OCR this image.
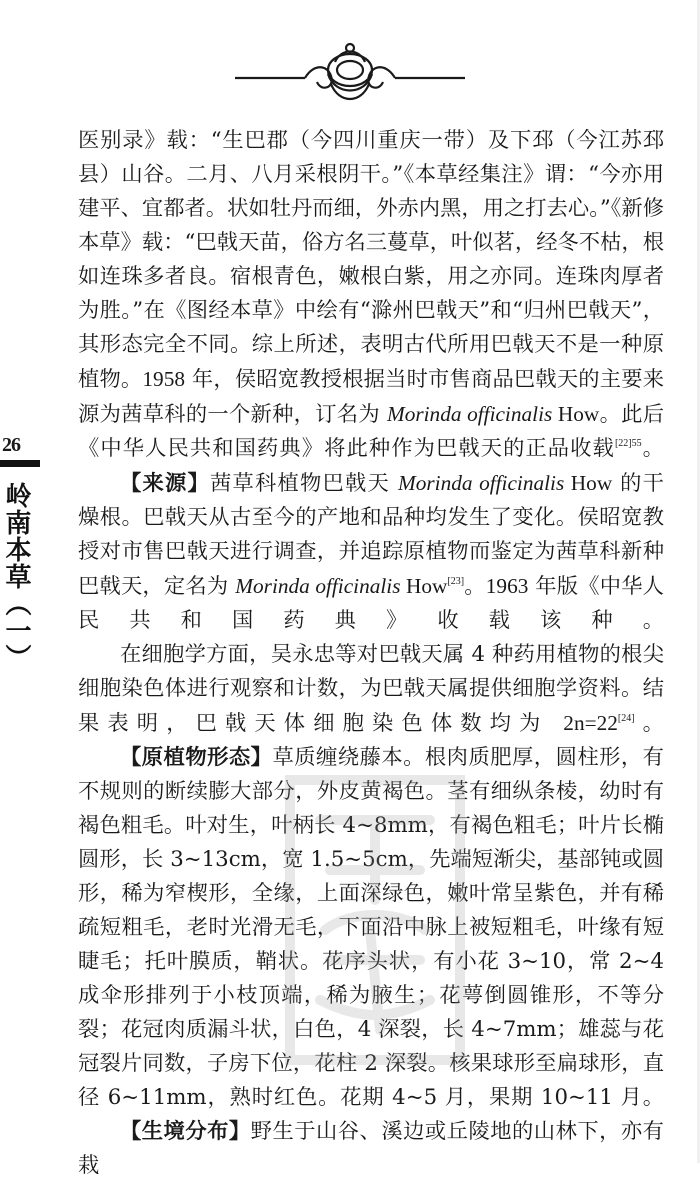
26
岭南本草（一）

医别录》载：“生巴郡（今四川重庆一带）及下邳（今江苏邳县）山谷。二月、八月采根阴干。”《本草经集注》谓：“今亦用建平、宜都者。状如牡丹而细，外赤内黑，用之打去心。”《新修本草》载：“巴戟天苗，俗方名三蔓草，叶似茗，经冬不枯，根如连珠多者良。宿根青色，嫩根白紫，用之亦同。连珠肉厚者为胜。”在《图经本草》中绘有“滁州巴戟天”和“归州巴戟天”，其形态完全不同。综上所述，表明古代所用巴戟天不是一种原植物。1958 年，侯昭宽教授根据当时市售商品巴戟天的主要来源为茜草科的一个新种，订名为 Morinda officinalis How。此后《中华人民共和国药典》将此种作为巴戟天的正品收载$^{[22]55}$。

【来源】茜草科植物巴戟天 Morinda officinalis How 的干燥根。巴戟天从古至今的产地和品种均发生了变化。侯昭宽教授对市售巴戟天进行调查，并追踪原植物而鉴定为茜草科新种巴戟天，定名为 Morinda officinalis How[23]。1963 年版《中华人民共和国药典》收载该种。

在细胞学方面，吴永忠等对巴戟天属 4 种药用植物的根尖细胞染色体进行观察和计数，为巴戟天属提供细胞学资料。结果表明，巴戟天体细胞染色体数均为 2n=22[24]。

【原植物形态】草质缠绕藤本。根肉质肥厚，圆柱形，有不规则的断续膨大部分，外皮黄褐色。茎有细纵条棱，幼时有褐色粗毛。叶对生，叶柄长 4~8mm，有褐色粗毛；叶片长椭圆形，长 3~13cm，宽 1.5~5cm，先端短渐尖，基部钝或圆形，稀为窄楔形，全缘，上面深绿色，嫩叶常呈紫色，并有稀疏短粗毛，老时光滑无毛，下面沿中脉上被短粗毛，叶缘有短睫毛；托叶膜质，鞘状。花序头状，有小花 3~10，常 2~4 成伞形排列于小枝顶端，稀为腋生；花萼倒圆锥形，不等分裂；花冠肉质漏斗状，白色，4 深裂，长 4~7mm；雄蕊与花冠裂片同数，子房下位，花柱 2 深裂。核果球形至扁球形，直径 6~11mm，熟时红色。花期 4~5 月，果期 10~11 月。

【生境分布】野生于山谷、溪边或丘陵地的山林下，亦有栽
